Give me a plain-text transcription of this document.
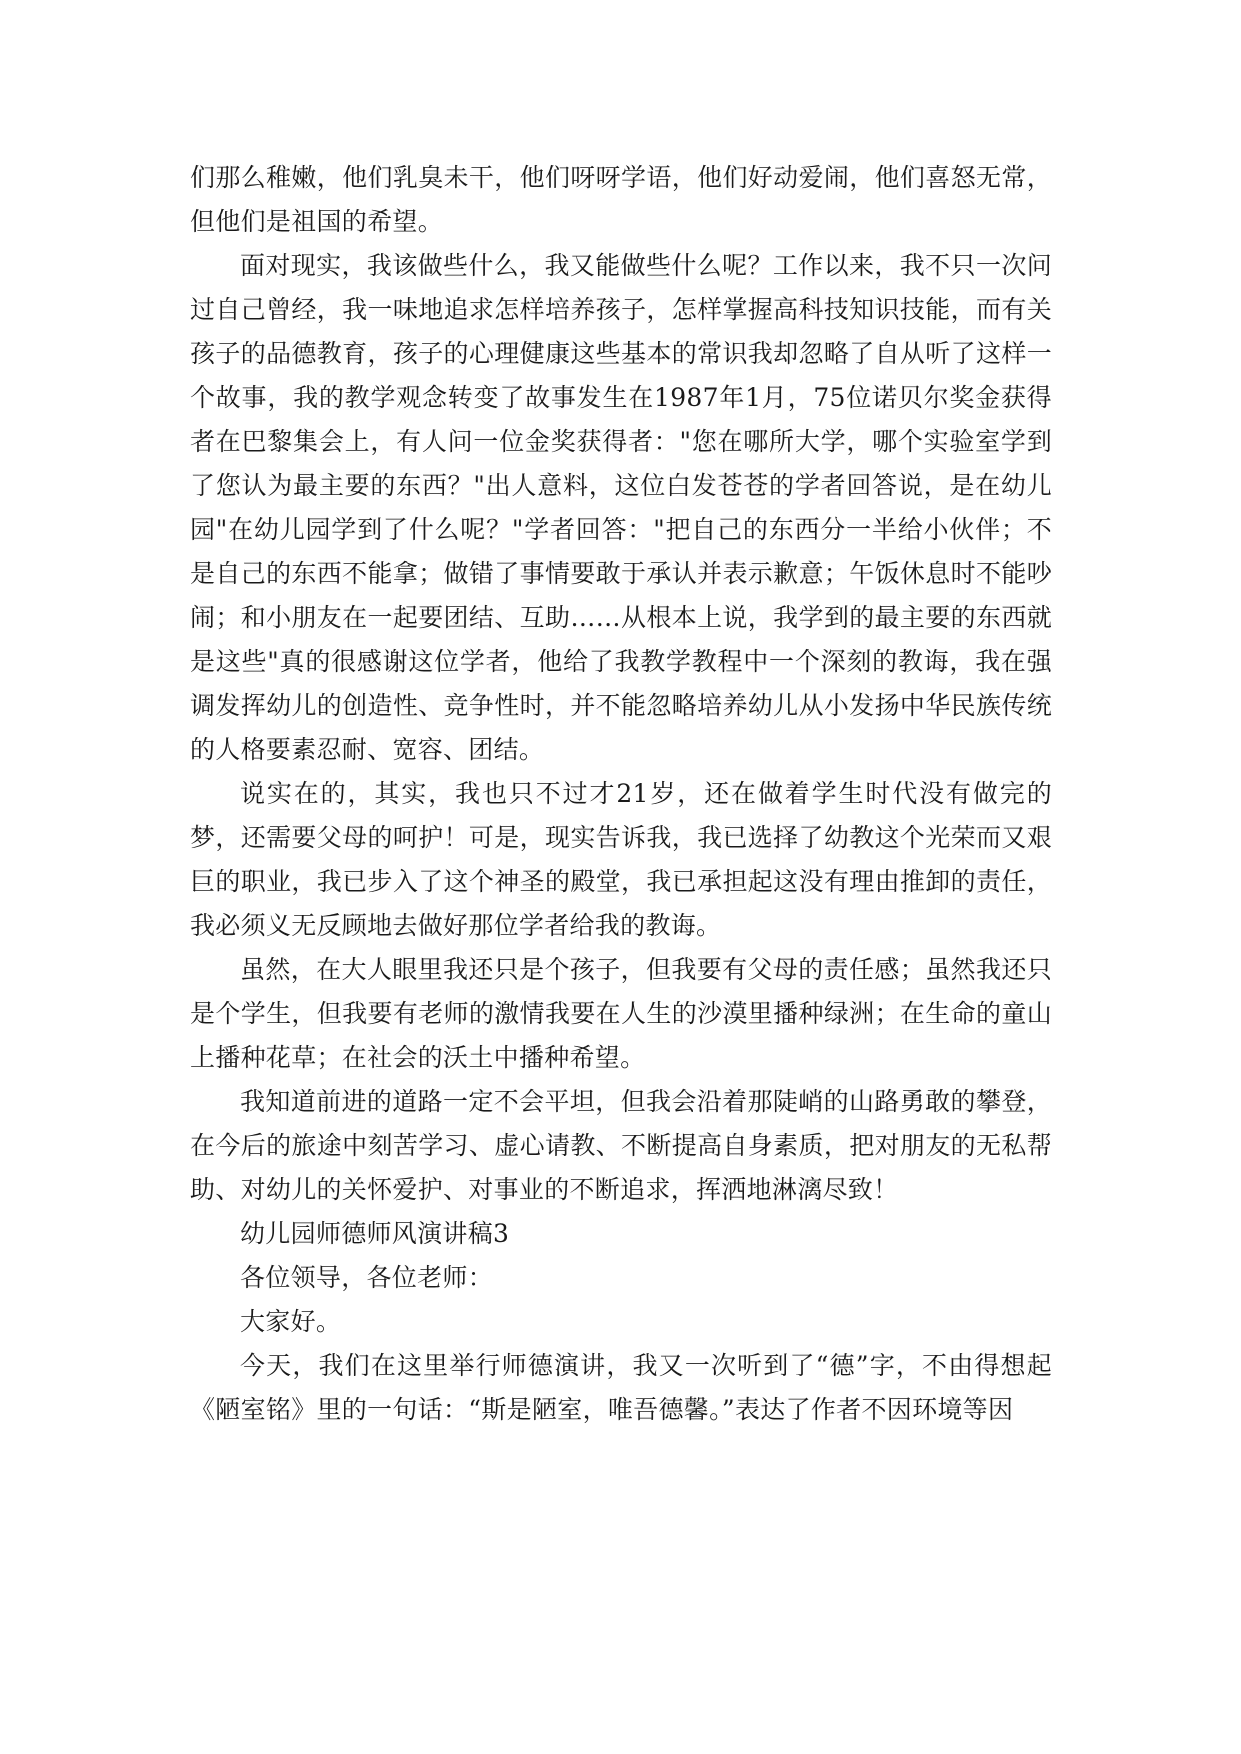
们那么稚嫩，他们乳臭未干，他们呀呀学语，他们好动爱闹，他们喜怒无常，但他们是祖国的希望。

面对现实，我该做些什么，我又能做些什么呢？工作以来，我不只一次问过自己曾经，我一味地追求怎样培养孩子，怎样掌握高科技知识技能，而有关孩子的品德教育，孩子的心理健康这些基本的常识我却忽略了自从听了这样一个故事，我的教学观念转变了故事发生在1987年1月，75位诺贝尔奖金获得者在巴黎集会上，有人问一位金奖获得者："您在哪所大学，哪个实验室学到了您认为最主要的东西？"出人意料，这位白发苍苍的学者回答说，是在幼儿园"在幼儿园学到了什么呢？"学者回答："把自己的东西分一半给小伙伴；不是自己的东西不能拿；做错了事情要敢于承认并表示歉意；午饭休息时不能吵闹；和小朋友在一起要团结、互助……从根本上说，我学到的最主要的东西就是这些"真的很感谢这位学者，他给了我教学教程中一个深刻的教诲，我在强调发挥幼儿的创造性、竞争性时，并不能忽略培养幼儿从小发扬中华民族传统的人格要素忍耐、宽容、团结。

说实在的，其实，我也只不过才21岁，还在做着学生时代没有做完的梦，还需要父母的呵护！可是，现实告诉我，我已选择了幼教这个光荣而又艰巨的职业，我已步入了这个神圣的殿堂，我已承担起这没有理由推卸的责任，我必须义无反顾地去做好那位学者给我的教诲。

虽然，在大人眼里我还只是个孩子，但我要有父母的责任感；虽然我还只是个学生，但我要有老师的激情我要在人生的沙漠里播种绿洲；在生命的童山上播种花草；在社会的沃土中播种希望。

我知道前进的道路一定不会平坦，但我会沿着那陡峭的山路勇敢的攀登，在今后的旅途中刻苦学习、虚心请教、不断提高自身素质，把对朋友的无私帮助、对幼儿的关怀爱护、对事业的不断追求，挥洒地淋漓尽致！

幼儿园师德师风演讲稿3

各位领导，各位老师：

大家好。

今天，我们在这里举行师德演讲，我又一次听到了“德”字，不由得想起《陋室铭》里的一句话：“斯是陋室，唯吾德馨。”表达了作者不因环境等因
